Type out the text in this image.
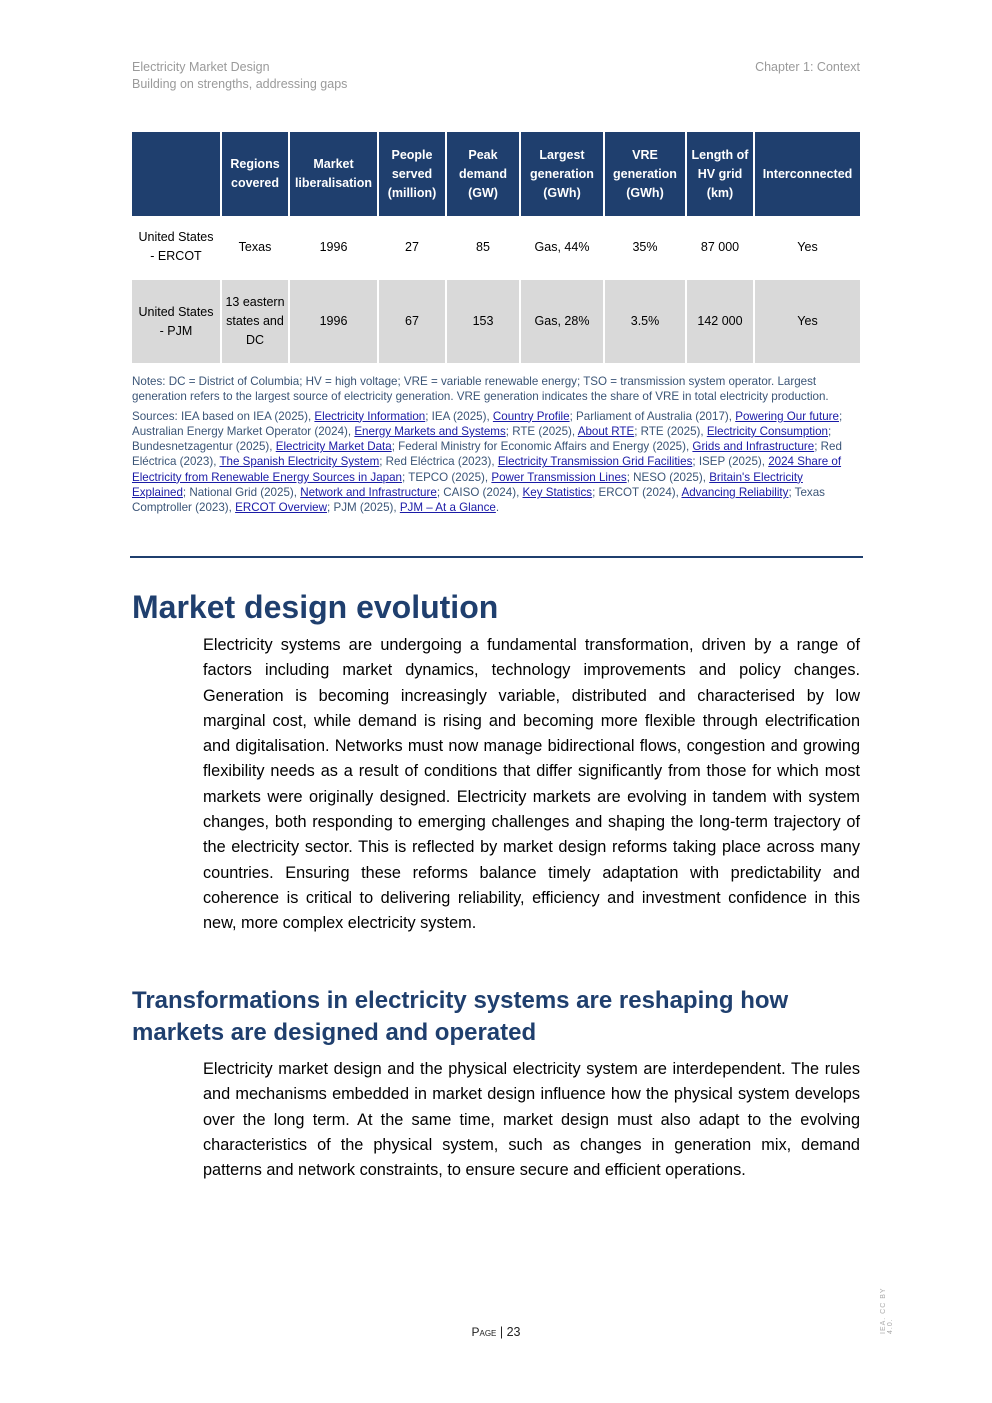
Electricity Market Design
Building on strengths, addressing gaps
Chapter 1: Context
	Regions covered	Market liberalisation	People served (million)	Peak demand (GW)	Largest generation (GWh)	VRE generation (GWh)	Length of HV grid (km)	Interconnected
United States - ERCOT	Texas	1996	27	85	Gas, 44%	35%	87 000	Yes

United States - PJM	13 eastern states and DC	1996	67	153	Gas, 28%	3.5%	142 000	Yes

Notes: DC = District of Columbia; HV = high voltage; VRE = variable renewable energy; TSO = transmission system operator. Largest generation refers to the largest source of electricity generation. VRE generation indicates the share of VRE in total electricity production.

Sources: IEA based on IEA (2025), Electricity Information; IEA (2025), Country Profile; Parliament of Australia (2017), Powering Our future; Australian Energy Market Operator (2024), Energy Markets and Systems; RTE (2025), About RTE; RTE (2025), Electricity Consumption; Bundesnetzagentur (2025), Electricity Market Data; Federal Ministry for Economic Affairs and Energy (2025), Grids and Infrastructure; Red Eléctrica (2023), The Spanish Electricity System; Red Eléctrica (2023), Electricity Transmission Grid Facilities; ISEP (2025), 2024 Share of Electricity from Renewable Energy Sources in Japan; TEPCO (2025), Power Transmission Lines; NESO (2025), Britain's Electricity Explained; National Grid (2025), Network and Infrastructure; CAISO (2024), Key Statistics; ERCOT (2024), Advancing Reliability; Texas Comptroller (2023), ERCOT Overview; PJM (2025), PJM – At a Glance.

Market design evolution

Electricity systems are undergoing a fundamental transformation, driven by a range of factors including market dynamics, technology improvements and policy changes. Generation is becoming increasingly variable, distributed and characterised by low marginal cost, while demand is rising and becoming more flexible through electrification and digitalisation. Networks must now manage bidirectional flows, congestion and growing flexibility needs as a result of conditions that differ significantly from those for which most markets were originally designed. Electricity markets are evolving in tandem with system changes, both responding to emerging challenges and shaping the long-term trajectory of the electricity sector. This is reflected by market design reforms taking place across many countries. Ensuring these reforms balance timely adaptation with predictability and coherence is critical to delivering reliability, efficiency and investment confidence in this new, more complex electricity system.

Transformations in electricity systems are reshaping how markets are designed and operated

Electricity market design and the physical electricity system are interdependent. The rules and mechanisms embedded in market design influence how the physical system develops over the long term. At the same time, market design must also adapt to the evolving characteristics of the physical system, such as changes in generation mix, demand patterns and network constraints, to ensure secure and efficient operations.

Page | 23	IEA. CC BY 4.0.
